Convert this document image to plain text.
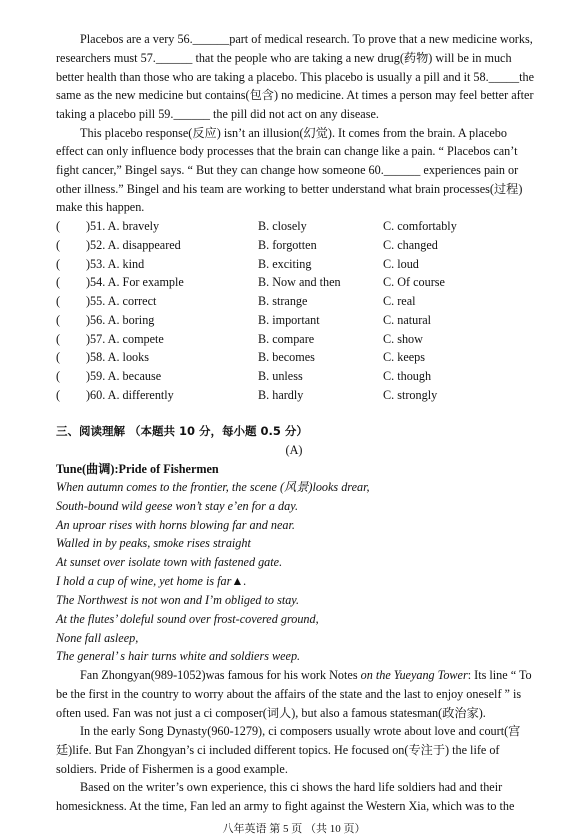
Placebos are a very 56.______part of medical research. To prove that a new medicine works,
researchers must 57.______ that the people who are taking a new drug(药物) will be in much
better health than those who are taking a placebo. This placebo is usually a pill and it 58._____the
same as the new medicine but contains(包含) no medicine. At times a person may feel better after
taking a placebo pill 59.______ the pill did not act on any disease.
This placebo response(反应) isn’t an illusion(幻觉). It comes from the brain. A placebo
effect can only influence body processes that the brain can change like a pain. “ Placebos can’t
fight cancer,” Bingel says. “ But they can change how someone 60.______ experiences pain or
other illness.” Bingel and his team are working to better understand what brain processes(过程)
make this happen.
( )51. A. bravely	B. closely	C. comfortably
( )52. A. disappeared	B. forgotten	C. changed
( )53. A. kind	B. exciting	C. loud
( )54. A. For example	B. Now and then	C. Of course
( )55. A. correct	B. strange	C. real
( )56. A. boring	B. important	C. natural
( )57. A. compete	B. compare	C. show
( )58. A. looks	B. becomes	C. keeps
( )59. A. because	B. unless	C. though
( )60. A. differently	B. hardly	C. strongly
三、阅读理解 （本题共 10 分，每小题 0.5 分）
(A)
Tune(曲调):Pride of Fishermen
When autumn comes to the frontier, the scene (风景)looks drear,
South-bound wild geese won’t stay e’en for a day.
An uproar rises with horns blowing far and near.
Walled in by peaks, smoke rises straight
At sunset over isolate town with fastened gate.
I hold a cup of wine, yet home is far▲.
The Northwest is not won and I’m obliged to stay.
At the flutes’ doleful sound over frost-covered ground,
None fall asleep,
The general’ s hair turns white and soldiers weep.
Fan Zhongyan(989-1052)was famous for his work Notes on the Yueyang Tower: Its line “ To
be the first in the country to worry about the affairs of the state and the last to enjoy oneself ” is
often used. Fan was not just a ci composer(词人), but also a famous statesman(政治家).
In the early Song Dynasty(960-1279), ci composers usually wrote about love and court(宫
廷)life. But Fan Zhongyan’s ci included different topics. He focused on(专注于) the life of
soldiers. Pride of Fishermen is a good example.
Based on the writer’s own experience, this ci shows the hard life soldiers had and their
homesickness. At the time, Fan led an army to fight against the Western Xia, which was to the
八年英语 第 5 页 （共 10 页）
